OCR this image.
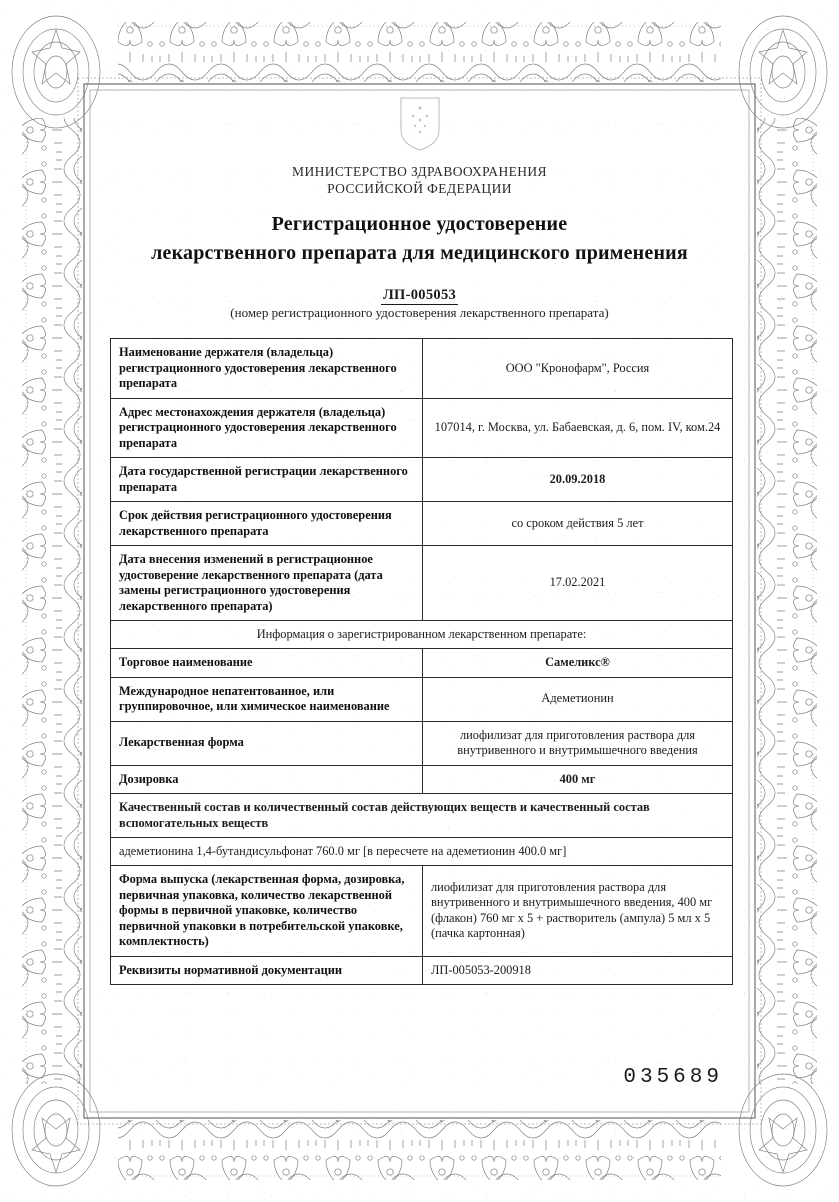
МИНИСТЕРСТВО ЗДРАВООХРАНЕНИЯ
РОССИЙСКОЙ ФЕДЕРАЦИИ
Регистрационное удостоверение
лекарственного препарата для медицинского применения
ЛП-005053
(номер регистрационного удостоверения лекарственного препарата)
Наименование держателя (владельца) регистрационного удостоверения лекарственного препарата	ООО "Кронофарм", Россия
Адрес местонахождения держателя (владельца) регистрационного удостоверения лекарственного препарата	107014, г. Москва, ул. Бабаевская, д. 6, пом. IV, ком.24
Дата государственной регистрации лекарственного препарата	20.09.2018
Срок действия регистрационного удостоверения лекарственного препарата	со сроком действия 5 лет
Дата внесения изменений в регистрационное удостоверение лекарственного препарата (дата замены регистрационного удостоверения лекарственного препарата)	17.02.2021
Информация о зарегистрированном лекарственном препарате:	
Торговое наименование	Самеликс®
Международное непатентованное, или группировочное, или химическое наименование	Адеметионин
Лекарственная форма	лиофилизат для приготовления раствора для внутривенного и внутримышечного введения
Дозировка	400 мг
Качественный состав и количественный состав действующих веществ и качественный состав вспомогательных веществ	
адеметионина 1,4-бутандисульфонат 760.0 мг [в пересчете на адеметионин 400.0 мг]	
Форма выпуска (лекарственная форма, дозировка, первичная упаковка, количество лекарственной формы в первичной упаковке, количество первичной упаковки в потребительской упаковке, комплектность)	лиофилизат для приготовления раствора для внутривенного и внутримышечного введения, 400 мг (флакон) 760 мг х 5 + растворитель (ампула) 5 мл х 5 (пачка картонная)
Реквизиты нормативной документации	ЛП-005053-200918
035689
